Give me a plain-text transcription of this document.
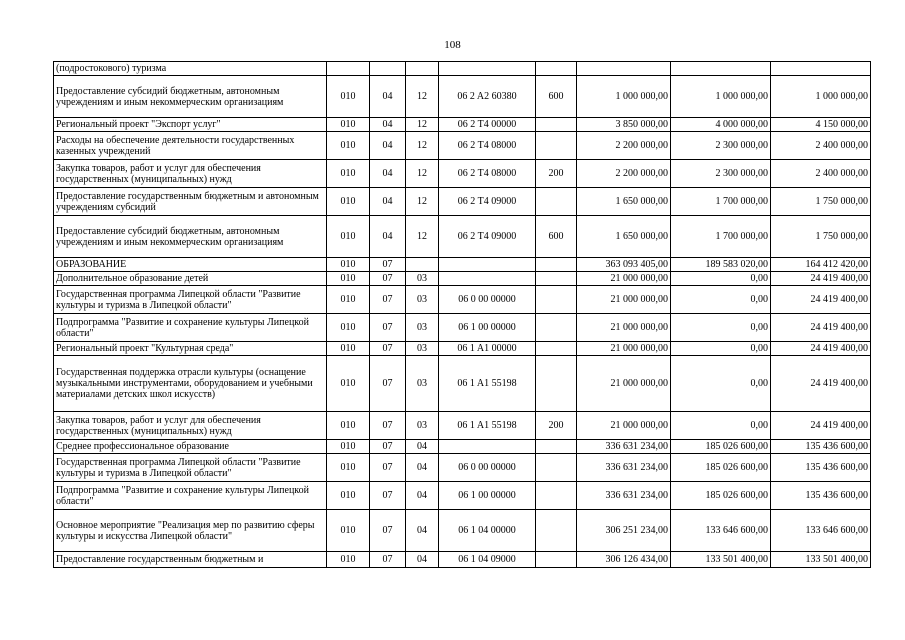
108
(подростокового) туризма								
Предоставление субсидий бюджетным, автономным учреждениям и иным некоммерческим организациям	010	04	12	06 2 A2 60380	600	1 000 000,00	1 000 000,00	1 000 000,00
Региональный проект "Экспорт услуг"	010	04	12	06 2 T4 00000		3 850 000,00	4 000 000,00	4 150 000,00
Расходы на обеспечение деятельности государственных казенных учреждений	010	04	12	06 2 T4 08000		2 200 000,00	2 300 000,00	2 400 000,00
Закупка товаров, работ и услуг для обеспечения государственных (муниципальных) нужд	010	04	12	06 2 T4 08000	200	2 200 000,00	2 300 000,00	2 400 000,00
Предоставление государственным бюджетным и автономным учреждениям субсидий	010	04	12	06 2 T4 09000		1 650 000,00	1 700 000,00	1 750 000,00
Предоставление субсидий бюджетным, автономным учреждениям и иным некоммерческим организациям	010	04	12	06 2 T4 09000	600	1 650 000,00	1 700 000,00	1 750 000,00
ОБРАЗОВАНИЕ	010	07				363 093 405,00	189 583 020,00	164 412 420,00
Дополнительное образование детей	010	07	03			21 000 000,00	0,00	24 419 400,00
Государственная программа Липецкой области "Развитие культуры и туризма в Липецкой области"	010	07	03	06 0 00 00000		21 000 000,00	0,00	24 419 400,00
Подпрограмма "Развитие и сохранение культуры Липецкой области"	010	07	03	06 1 00 00000		21 000 000,00	0,00	24 419 400,00
Региональный проект "Культурная среда"	010	07	03	06 1 A1 00000		21 000 000,00	0,00	24 419 400,00
Государственная поддержка отрасли культуры (оснащение музыкальными инструментами, оборудованием и учебными материалами детских школ искусств)	010	07	03	06 1 A1 55198		21 000 000,00	0,00	24 419 400,00
Закупка товаров, работ и услуг для обеспечения государственных (муниципальных) нужд	010	07	03	06 1 A1 55198	200	21 000 000,00	0,00	24 419 400,00
Среднее профессиональное образование	010	07	04			336 631 234,00	185 026 600,00	135 436 600,00
Государственная программа Липецкой области "Развитие культуры и туризма в Липецкой области"	010	07	04	06 0 00 00000		336 631 234,00	185 026 600,00	135 436 600,00
Подпрограмма "Развитие и сохранение культуры Липецкой области"	010	07	04	06 1 00 00000		336 631 234,00	185 026 600,00	135 436 600,00
Основное мероприятие "Реализация мер по развитию сферы культуры и искусства Липецкой области"	010	07	04	06 1 04 00000		306 251 234,00	133 646 600,00	133 646 600,00
Предоставление государственным бюджетным и	010	07	04	06 1 04 09000		306 126 434,00	133 501 400,00	133 501 400,00
